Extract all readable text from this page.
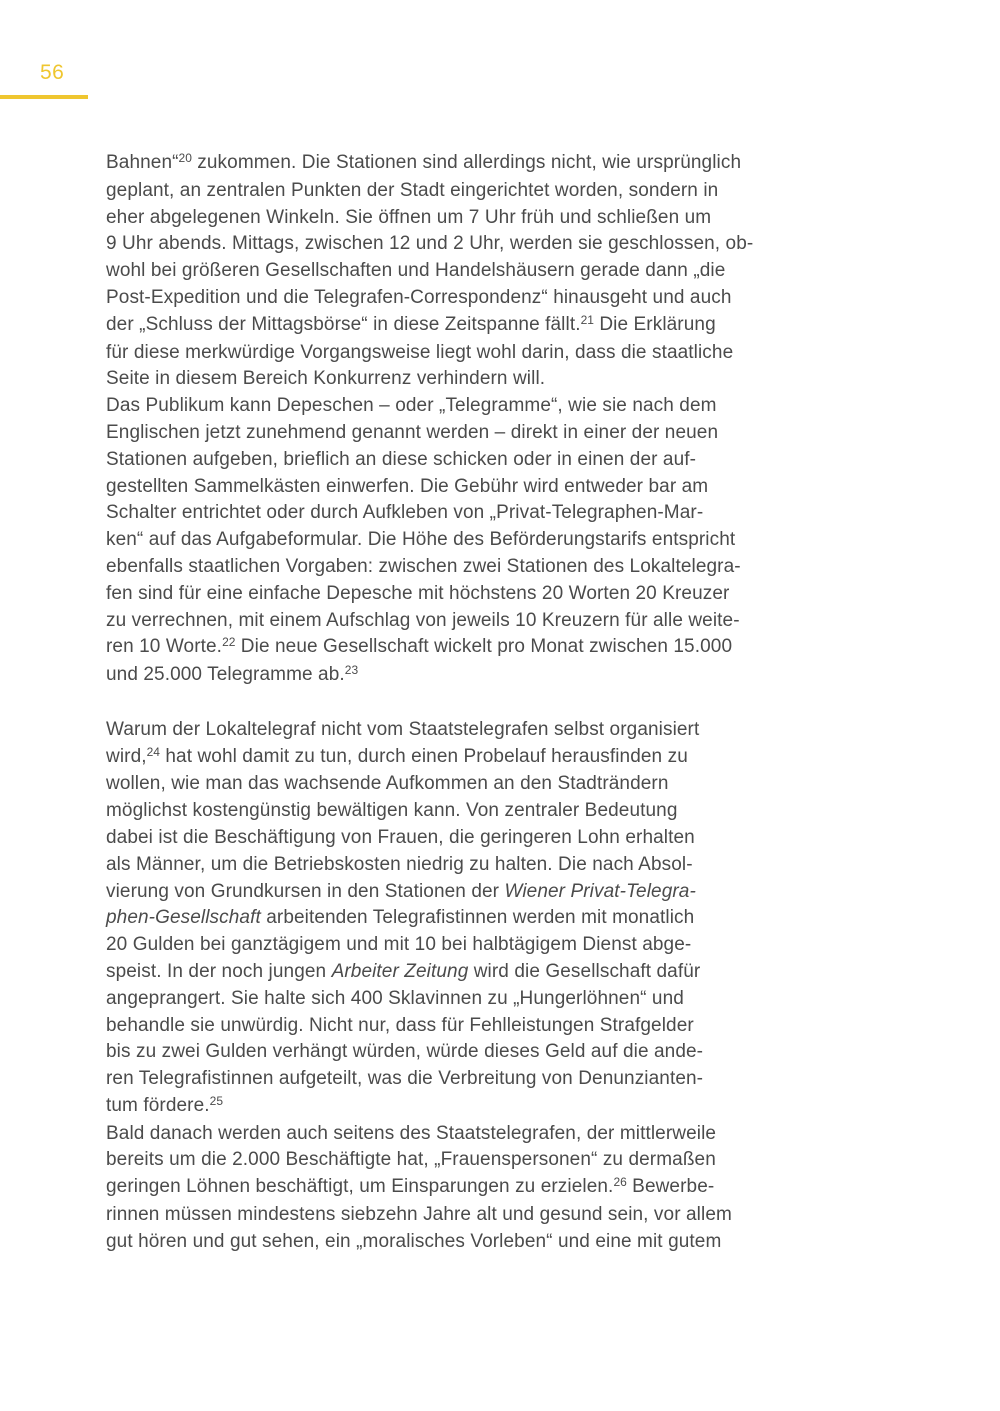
56

Bahnen“$^{20}$ zukommen. Die Stationen sind allerdings nicht, wie ursprünglich
geplant, an zentralen Punkten der Stadt eingerichtet worden, sondern in
eher abgelegenen Winkeln. Sie öffnen um 7 Uhr früh und schließen um
9 Uhr abends. Mittags, zwischen 12 und 2 Uhr, werden sie geschlossen, ob-
wohl bei größeren Gesellschaften und Handelshäusern gerade dann „die
Post-Expedition und die Telegrafen-Correspondenz“ hinausgeht und auch
der „Schluss der Mittagsbörse“ in diese Zeitspanne fällt.$^{21}$ Die Erklärung
für diese merkwürdige Vorgangsweise liegt wohl darin, dass die staatliche
Seite in diesem Bereich Konkurrenz verhindern will.
Das Publikum kann Depeschen – oder „Telegramme“, wie sie nach dem
Englischen jetzt zunehmend genannt werden – direkt in einer der neuen
Stationen aufgeben, brieflich an diese schicken oder in einen der auf-
gestellten Sammelkästen einwerfen. Die Gebühr wird entweder bar am
Schalter entrichtet oder durch Aufkleben von „Privat-Telegraphen-Mar-
ken“ auf das Aufgabeformular. Die Höhe des Beförderungstarifs entspricht
ebenfalls staatlichen Vorgaben: zwischen zwei Stationen des Lokaltelegra-
fen sind für eine einfache Depesche mit höchstens 20 Worten 20 Kreuzer
zu verrechnen, mit einem Aufschlag von jeweils 10 Kreuzern für alle weite-
ren 10 Worte.$^{22}$ Die neue Gesellschaft wickelt pro Monat zwischen 15.000
und 25.000 Telegramme ab.$^{23}$

Warum der Lokaltelegraf nicht vom Staatstelegrafen selbst organisiert
wird,$^{24}$ hat wohl damit zu tun, durch einen Probelauf herausfinden zu
wollen, wie man das wachsende Aufkommen an den Stadträndern
möglichst kostengünstig bewältigen kann. Von zentraler Bedeutung
dabei ist die Beschäftigung von Frauen, die geringeren Lohn erhalten
als Männer, um die Betriebskosten niedrig zu halten. Die nach Absol-
vierung von Grundkursen in den Stationen der Wiener Privat-Telegra-
phen-Gesellschaft arbeitenden Telegrafistinnen werden mit monatlich
20 Gulden bei ganztägigem und mit 10 bei halbtägigem Dienst abge-
speist. In der noch jungen Arbeiter Zeitung wird die Gesellschaft dafür
angeprangert. Sie halte sich 400 Sklavinnen zu „Hungerlöhnen“ und
behandle sie unwürdig. Nicht nur, dass für Fehlleistungen Strafgelder
bis zu zwei Gulden verhängt würden, würde dieses Geld auf die ande-
ren Telegrafistinnen aufgeteilt, was die Verbreitung von Denunzianten-
tum fördere.$^{25}$
Bald danach werden auch seitens des Staatstelegrafen, der mittlerweile
bereits um die 2.000 Beschäftigte hat, „Frauenspersonen“ zu dermaßen
geringen Löhnen beschäftigt, um Einsparungen zu erzielen.$^{26}$ Bewerbe-
rinnen müssen mindestens siebzehn Jahre alt und gesund sein, vor allem
gut hören und gut sehen, ein „moralisches Vorleben“ und eine mit gutem
